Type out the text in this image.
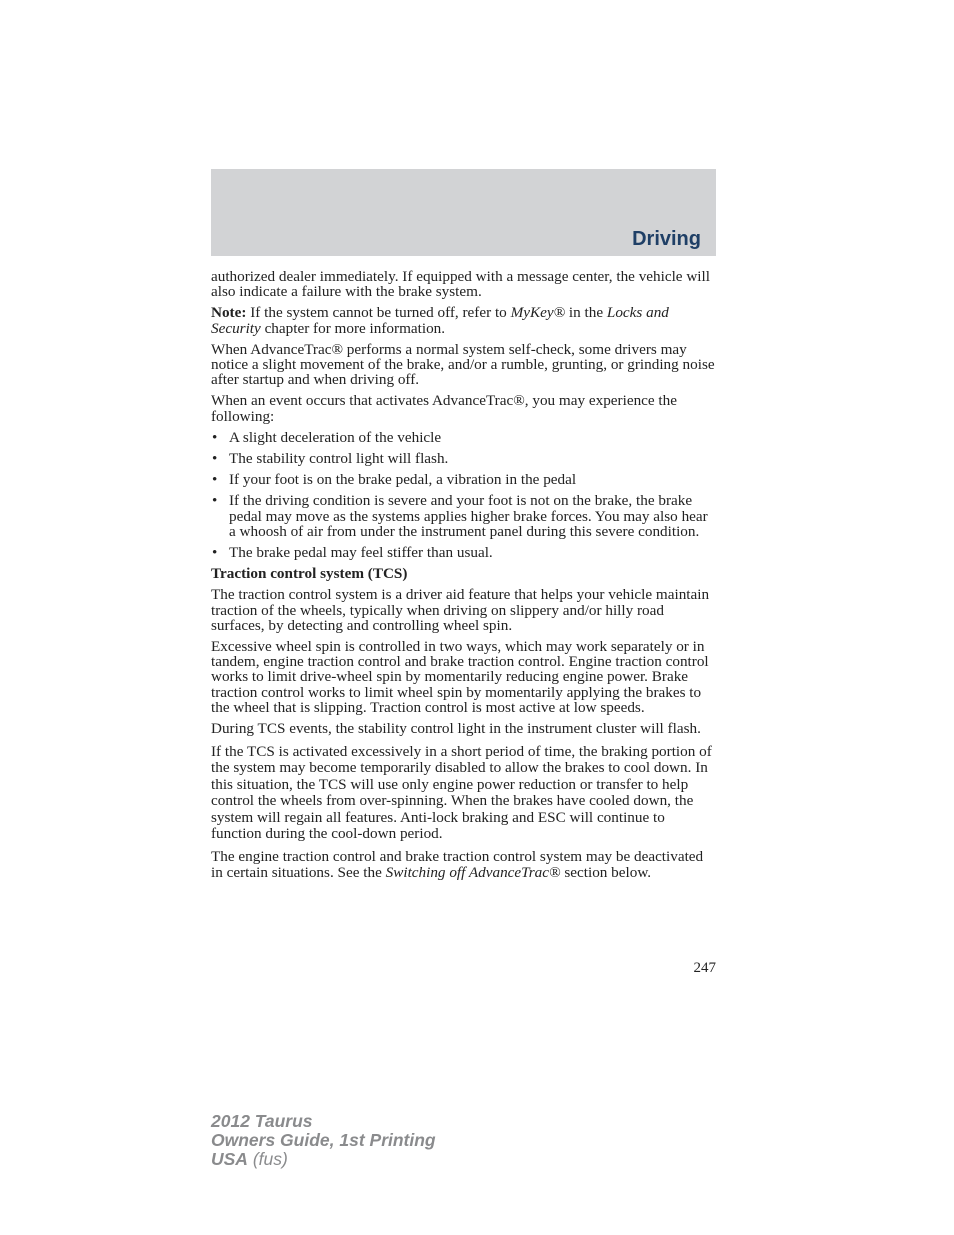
Driving

authorized dealer immediately. If equipped with a message center, the vehicle will also indicate a failure with the brake system.

Note: If the system cannot be turned off, refer to MyKey® in the Locks and Security chapter for more information.

When AdvanceTrac® performs a normal system self-check, some drivers may notice a slight movement of the brake, and/or a rumble, grunting, or grinding noise after startup and when driving off.

When an event occurs that activates AdvanceTrac®, you may experience the following:

• A slight deceleration of the vehicle
• The stability control light will flash.
• If your foot is on the brake pedal, a vibration in the pedal
• If the driving condition is severe and your foot is not on the brake, the brake pedal may move as the systems applies higher brake forces. You may also hear a whoosh of air from under the instrument panel during this severe condition.
• The brake pedal may feel stiffer than usual.

Traction control system (TCS)

The traction control system is a driver aid feature that helps your vehicle maintain traction of the wheels, typically when driving on slippery and/or hilly road surfaces, by detecting and controlling wheel spin.

Excessive wheel spin is controlled in two ways, which may work separately or in tandem, engine traction control and brake traction control. Engine traction control works to limit drive-wheel spin by momentarily reducing engine power. Brake traction control works to limit wheel spin by momentarily applying the brakes to the wheel that is slipping. Traction control is most active at low speeds.

During TCS events, the stability control light in the instrument cluster will flash.

If the TCS is activated excessively in a short period of time, the braking portion of the system may become temporarily disabled to allow the brakes to cool down. In this situation, the TCS will use only engine power reduction or transfer to help control the wheels from over-spinning. When the brakes have cooled down, the system will regain all features. Anti-lock braking and ESC will continue to function during the cool-down period.

The engine traction control and brake traction control system may be deactivated in certain situations. See the Switching off AdvanceTrac® section below.

247
2012 Taurus
Owners Guide, 1st Printing
USA (fus)
